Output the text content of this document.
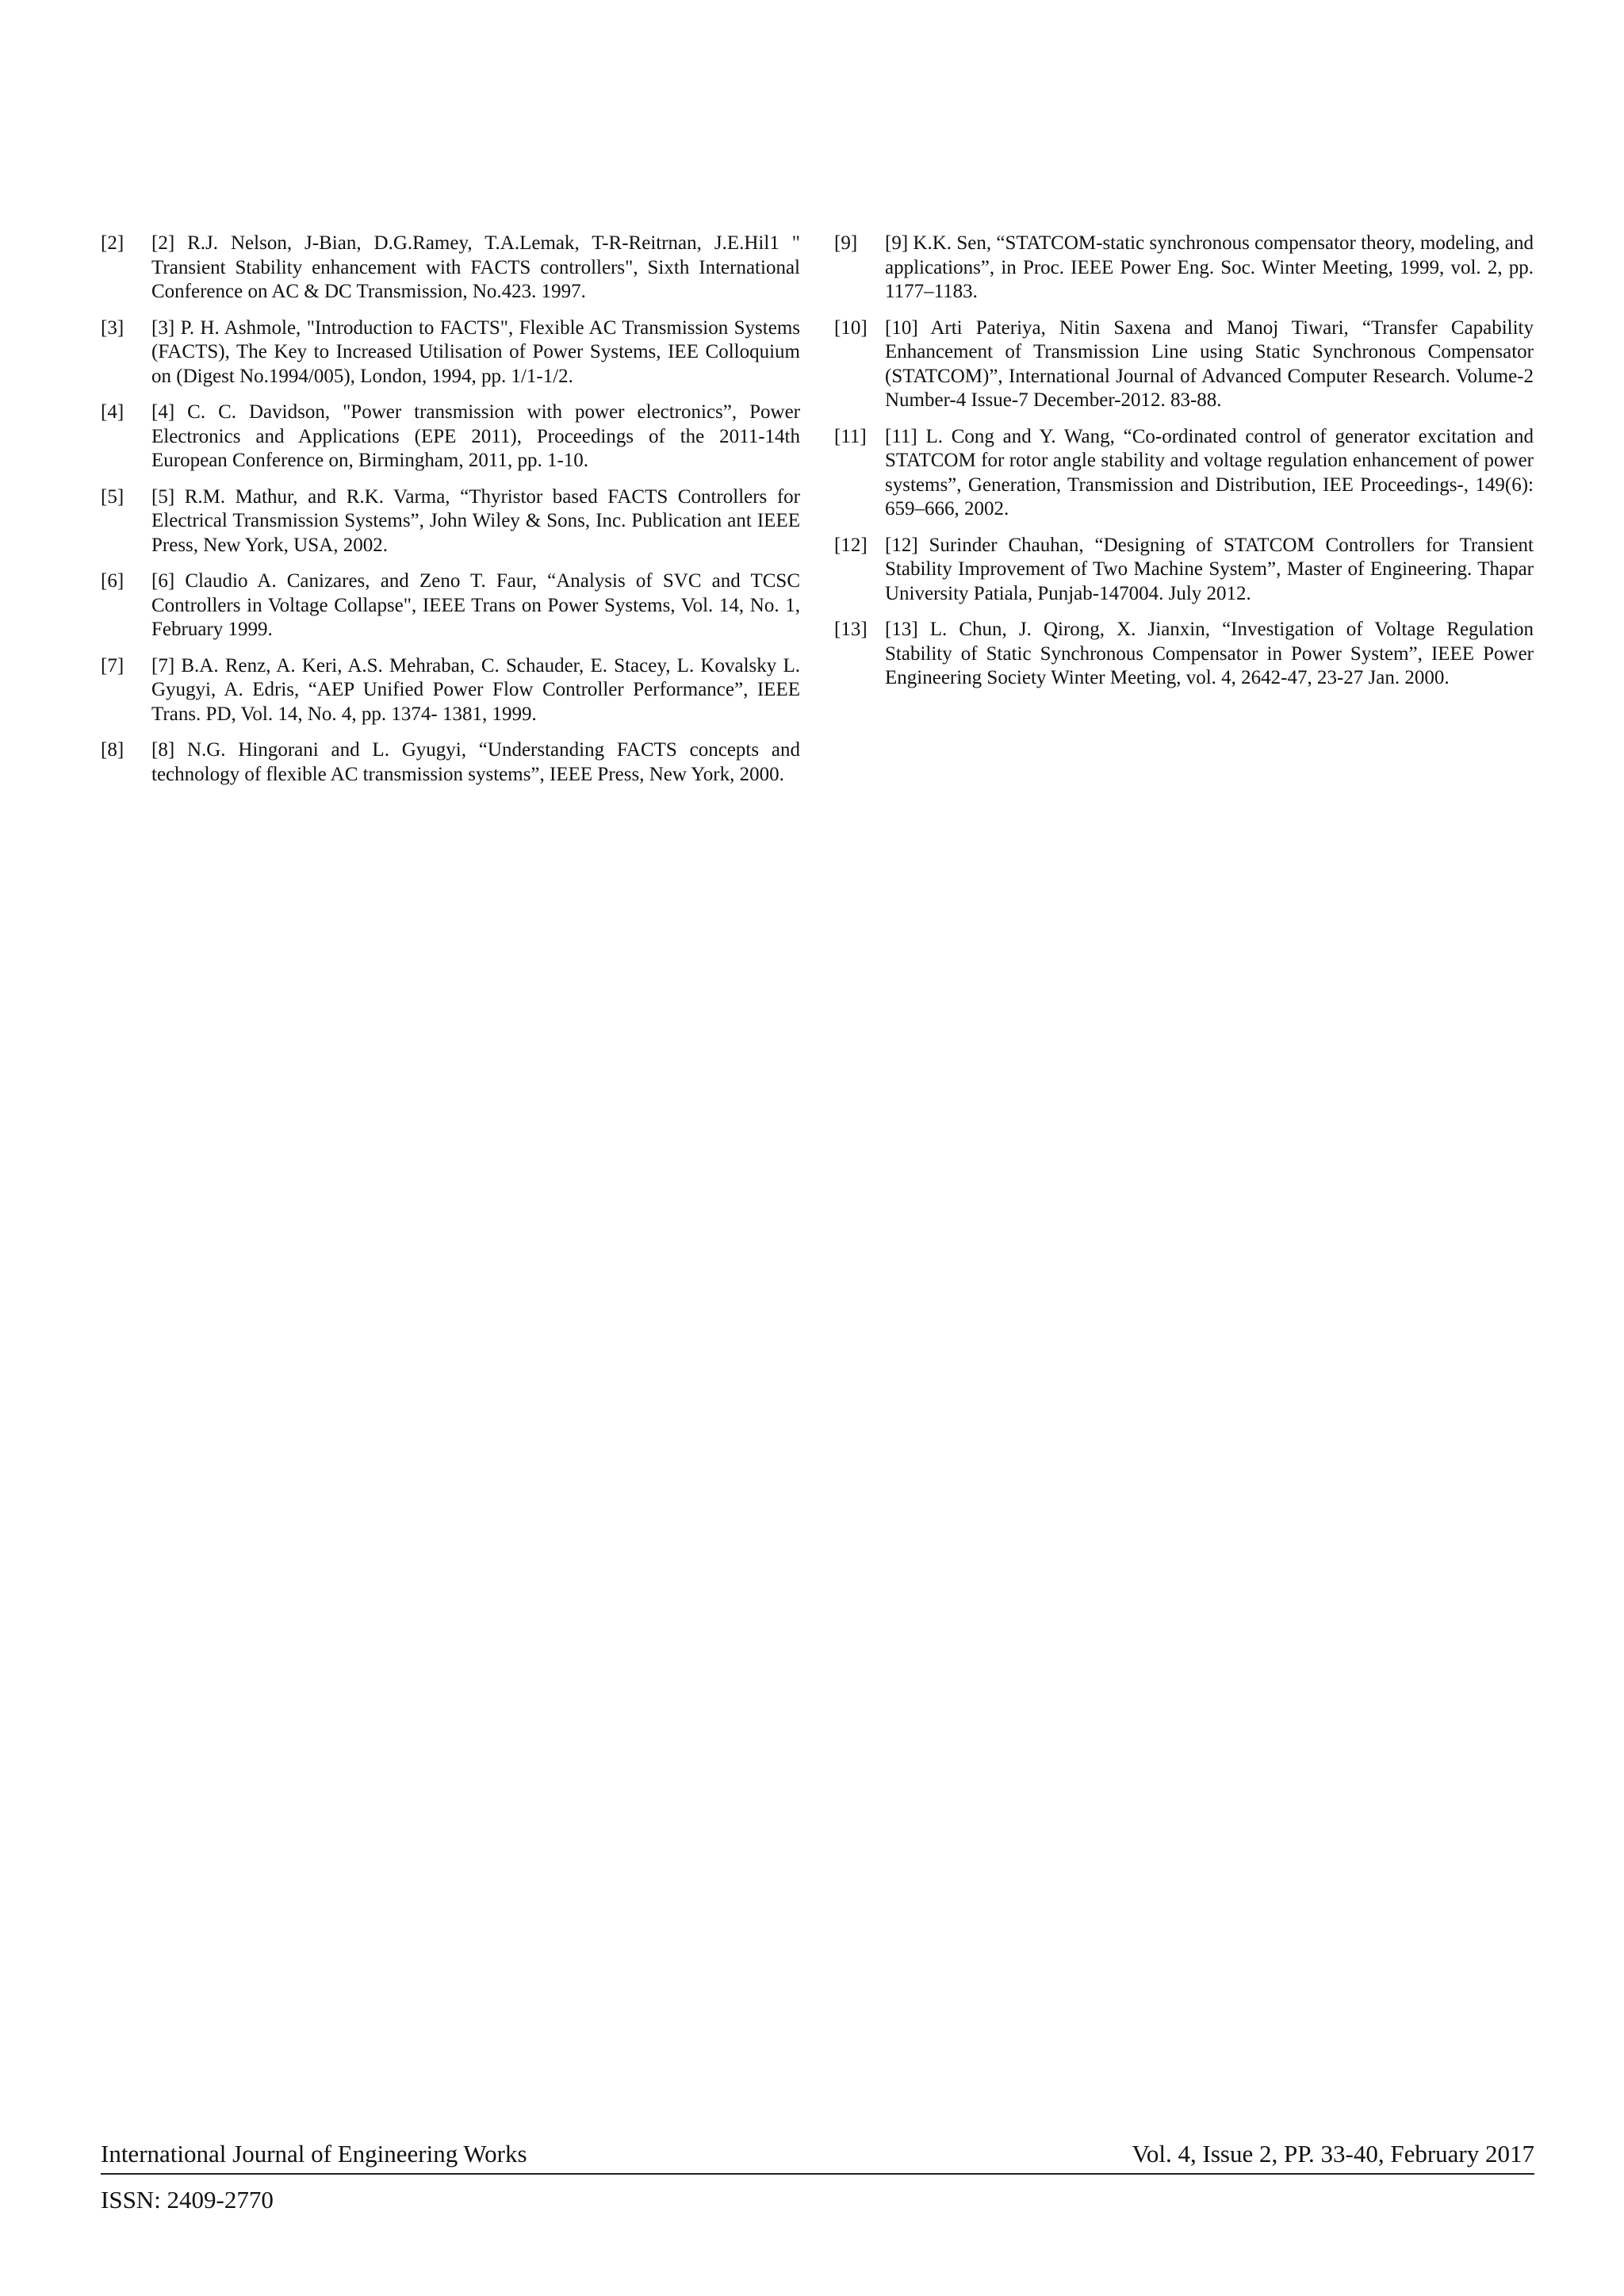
[2]	[2] R.J. Nelson, J-Bian, D.G.Ramey, T.A.Lemak, T-R-Reitrnan, J.E.Hil1 " Transient Stability enhancement with FACTS controllers", Sixth International Conference on AC & DC Transmission, No.423. 1997.
[3]	[3] P. H. Ashmole, "Introduction to FACTS", Flexible AC Transmission Systems (FACTS), The Key to Increased Utilisation of Power Systems, IEE Colloquium on (Digest No.1994/005), London, 1994, pp. 1/1-1/2.
[4]	[4] C. C. Davidson, "Power transmission with power electronics”, Power Electronics and Applications (EPE 2011), Proceedings of the 2011-14th European Conference on, Birmingham, 2011, pp. 1-10.
[5]	[5] R.M. Mathur, and R.K. Varma, “Thyristor based FACTS Controllers for Electrical Transmission Systems”, John Wiley & Sons, Inc. Publication ant IEEE Press, New York, USA, 2002.
[6]	[6] Claudio A. Canizares, and Zeno T. Faur, “Analysis of SVC and TCSC Controllers in Voltage Collapse", IEEE Trans on Power Systems, Vol. 14, No. 1, February 1999.
[7]	[7] B.A. Renz, A. Keri, A.S. Mehraban, C. Schauder, E. Stacey, L. Kovalsky L. Gyugyi, A. Edris, “AEP Unified Power Flow Controller Performance”, IEEE Trans. PD, Vol. 14, No. 4, pp. 1374- 1381, 1999.
[8]	[8] N.G. Hingorani and L. Gyugyi, “Understanding FACTS concepts and technology of flexible AC transmission systems”, IEEE Press, New York, 2000.
[9]	[9] K.K. Sen, “STATCOM-static synchronous compensator theory, modeling, and applications”, in Proc. IEEE Power Eng. Soc. Winter Meeting, 1999, vol. 2, pp. 1177–1183.
[10] [10] Arti Pateriya, Nitin Saxena and Manoj Tiwari, “Transfer Capability Enhancement of Transmission Line using Static Synchronous Compensator (STATCOM)”, International Journal of Advanced Computer Research. Volume-2 Number-4 Issue-7 December-2012. 83-88.
[11] [11] L. Cong and Y. Wang, “Co-ordinated control of generator excitation and STATCOM for rotor angle stability and voltage regulation enhancement of power systems”, Generation, Transmission and Distribution, IEE Proceedings-, 149(6): 659–666, 2002.
[12] [12] Surinder Chauhan, “Designing of STATCOM Controllers for Transient Stability Improvement of Two Machine System”, Master of Engineering. Thapar University Patiala, Punjab-147004. July 2012.
[13] [13] L. Chun, J. Qirong, X. Jianxin, “Investigation of Voltage Regulation Stability of Static Synchronous Compensator in Power System”, IEEE Power Engineering Society Winter Meeting, vol. 4, 2642-47, 23-27 Jan. 2000.
International Journal of Engineering Works	Vol. 4, Issue 2, PP. 33-40, February 2017
ISSN: 2409-2770
